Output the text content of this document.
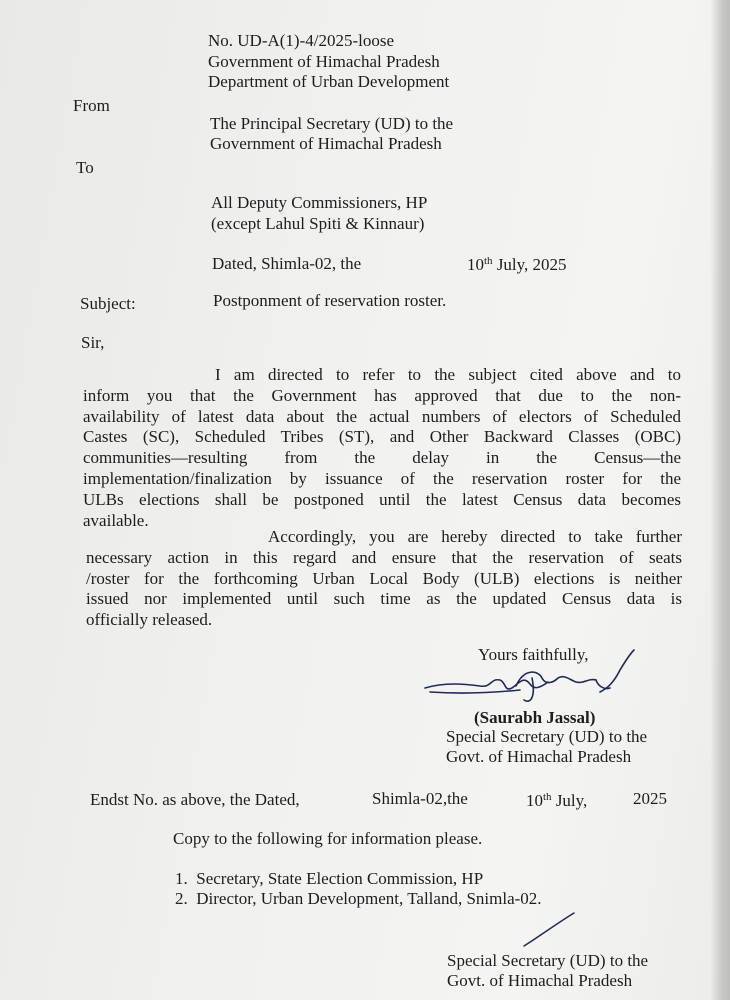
No. UD-A(1)-4/2025-loose
Government of Himachal Pradesh
Department of Urban Development
From
The Principal Secretary (UD) to the
Government of Himachal Pradesh
To
All Deputy Commissioners, HP
(except Lahul Spiti & Kinnaur)
Dated, Shimla-02, the	10th July, 2025
Subject:	Postponment of reservation roster.
Sir,
I am directed to refer to the subject cited above and to
inform you that the Government has approved that due to the non-
availability of latest data about the actual numbers of electors of Scheduled
Castes (SC), Scheduled Tribes (ST), and Other Backward Classes (OBC)
communities—resulting from the delay in the Census—the
implementation/finalization by issuance of the reservation roster for the
ULBs elections shall be postponed until the latest Census data becomes
available.
Accordingly, you are hereby directed to take further
necessary action in this regard and ensure that the reservation of seats
/roster for the forthcoming Urban Local Body (ULB) elections is neither
issued nor implemented until such time as the updated Census data is
officially released.
Yours faithfully,
(Saurabh Jassal)
Special Secretary (UD) to the
Govt. of Himachal Pradesh
Endst No. as above, the Dated,	Shimla-02,the	10th July,	2025
Copy to the following for information please.
1.  Secretary, State Election Commission, HP
2.  Director, Urban Development, Talland, Snimla-02.
Special Secretary (UD) to the
Govt. of Himachal Pradesh
